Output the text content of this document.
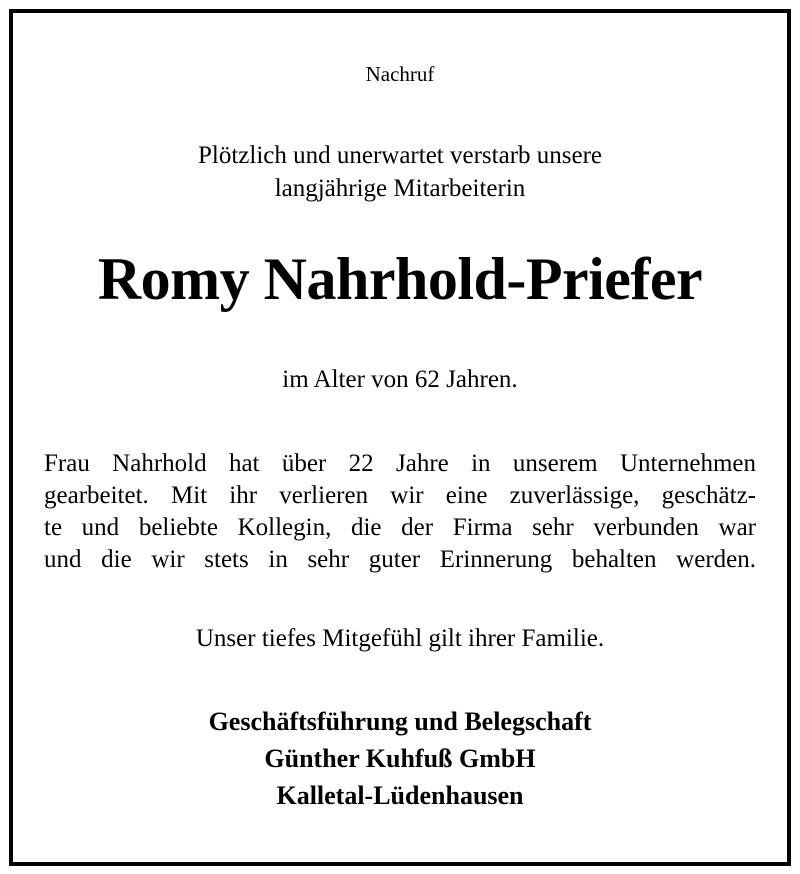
Nachruf
Plötzlich und unerwartet verstarb unsere
langjährige Mitarbeiterin
Romy Nahrhold-Priefer
im Alter von 62 Jahren.
Frau Nahrhold hat über 22 Jahre in unserem Unternehmen
gearbeitet. Mit ihr verlieren wir eine zuverlässige, geschätz-
te und beliebte Kollegin, die der Firma sehr verbunden war
und die wir stets in sehr guter Erinnerung behalten werden.
Unser tiefes Mitgefühl gilt ihrer Familie.
Geschäftsführung und Belegschaft
Günther Kuhfuß GmbH
Kalletal-Lüdenhausen
